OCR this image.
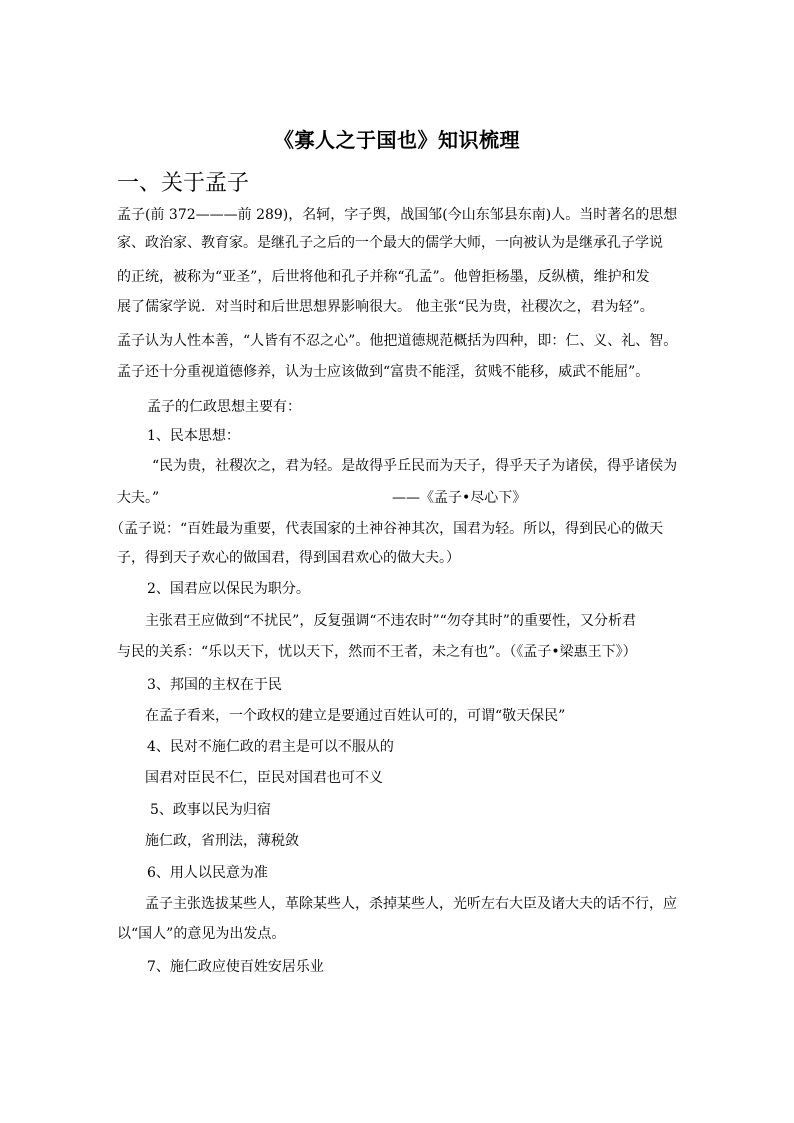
《寡人之于国也》知识梳理
一、关于孟子
孟子(前 372———前 289)，名轲，字子舆，战国邹(今山东邹县东南)人。当时著名的思想
家、政治家、教育家。是继孔子之后的一个最大的儒学大师，一向被认为是继承孔子学说
的正统，被称为“亚圣”，后世将他和孔子并称“孔孟”。他曾拒杨墨，反纵横，维护和发
展了儒家学说．对当时和后世思想界影响很大。 他主张“民为贵，社稷次之，君为轻”。
孟子认为人性本善，“人皆有不忍之心”。他把道德规范概括为四种，即：仁、义、礼、智。
孟子还十分重视道德修养，认为士应该做到“富贵不能淫，贫贱不能移，威武不能屈”。
孟子的仁政思想主要有：
1、民本思想：
“民为贵，社稷次之，君为轻。是故得乎丘民而为天子，得乎天子为诸侯，得乎诸侯为
大夫。”	——《孟子•尽心下》
（孟子说：“百姓最为重要，代表国家的土神谷神其次，国君为轻。所以，得到民心的做天
子，得到天子欢心的做国君，得到国君欢心的做大夫。）
2、国君应以保民为职分。
主张君王应做到“不扰民”，反复强调“不违农时”“勿夺其时”的重要性，又分析君
与民的关系：“乐以天下，忧以天下，然而不王者，未之有也”。（《孟子•梁惠王下》）
3、邦国的主权在于民
在孟子看来，一个政权的建立是要通过百姓认可的，可谓“敬天保民”
4、民对不施仁政的君主是可以不服从的
国君对臣民不仁，臣民对国君也可不义
5、政事以民为归宿
施仁政，省刑法，薄税敛
6、用人以民意为准
孟子主张选拔某些人，革除某些人，杀掉某些人，光听左右大臣及诸大夫的话不行，应
以“国人”的意见为出发点。
7、施仁政应使百姓安居乐业
